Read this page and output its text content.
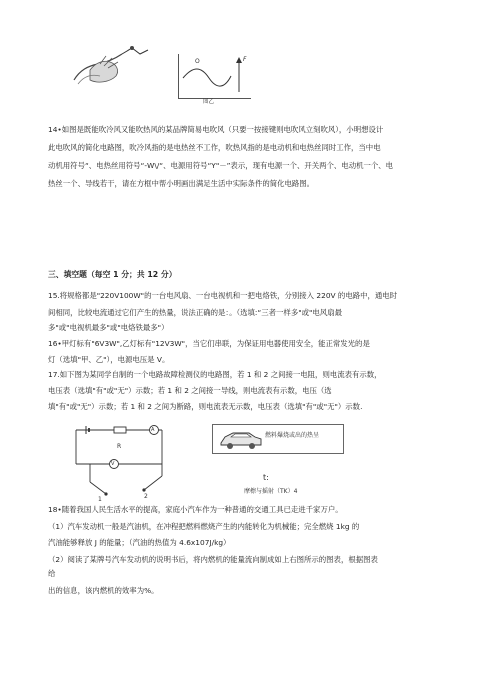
O	F
图乙
14•如图是既能吹冷风又能吹热风的某品牌简易电吹风（只要一按接键则电吹风立刻吹风），小明想设计
此电吹风的简化电路图，吹冷风指的是电热丝不工作，吹热风指的是电动机和电热丝同时工作，当中电
动机用符号“、电热丝用符号“-W\/“、电源用符号“Y"－”表示，现有电源一个、开关两个、电动机一个、电
热丝一个、导线若干，请在方框中帮小明画出满足生活中实际条件的简化电路图。
三、填空题（每空 1 分；共 12 分）
15.将规格都是"220V100W"的一台电风扇、一台电视机和一把电烙铁，分别接入 220V 的电路中，通电时
间相同，比较电流通过它们产生的热量，说法正确的是：。（选填:“三者一样多"或"电风扇最
多"或"电视机最多"或"电烙铁最多"）
16•甲灯标有"6V3W",乙灯标有"12V3W"，当它们串联，为保证用电器使用安全，能正常发光的是
灯（选填"甲、乙"），电源电压是 V。
17.如下图为某同学自制的一个电路故障检测仪的电路图，若 1 和 2 之间接一电阻，则电流表有示数，
电压表（选填"有"或"无"）示数；若 1 和 2 之间接一导线，则电流表有示数，电压（选
填"有"或"无"）示数；若 1 和 2 之间为断路，则电流表无示数，电压表（选填"有"或"无"）示数.
R
A
V
1	2
燃料爆烧或出的热呈
t:
摩檫与摇射（TK）4
18•随着我国人民生活水平的提高，家庭小汽车作为一种普通的交通工具已走进千家万户。
（1）汽车发动机一般是汽油机，在冲程把燃料燃烧产生的内能转化为机械能；完全燃烧 1kg 的
汽油能够释放 J 的能量；（汽油的热值为 4.6x107J/kg）
（2）阅读了某牌号汽车发动机的说明书后，将内燃机的能量流向制成如上右图所示的图表，根据图表
给
出的信息，该内燃机的效率为%。
